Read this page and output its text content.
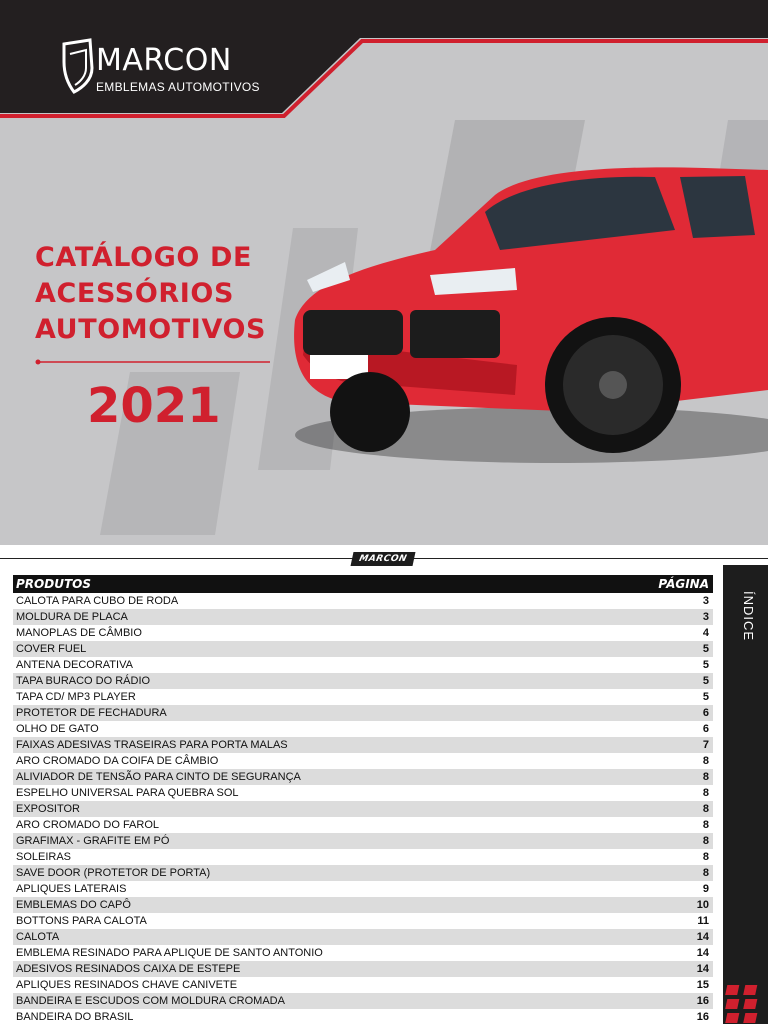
MARCON
EMBLEMAS AUTOMOTIVOS
CATÁLOGO DE
ACESSÓRIOS
AUTOMOTIVOS
2021
MARCON
ÍNDICE
PRODUTOS	PÁGINA
CALOTA PARA CUBO DE RODA	3
MOLDURA DE PLACA	3
MANOPLAS DE CÂMBIO	4
COVER FUEL	5
ANTENA DECORATIVA	5
TAPA BURACO DO RÁDIO	5
TAPA CD/ MP3 PLAYER	5
PROTETOR DE FECHADURA	6
OLHO DE GATO	6
FAIXAS ADESIVAS TRASEIRAS PARA PORTA MALAS	7
ARO CROMADO DA COIFA DE CÂMBIO	8
ALIVIADOR DE TENSÃO PARA CINTO DE SEGURANÇA	8
ESPELHO UNIVERSAL PARA QUEBRA SOL	8
EXPOSITOR	8
ARO CROMADO DO FAROL	8
GRAFIMAX - GRAFITE EM PÓ	8
SOLEIRAS	8
SAVE DOOR (PROTETOR DE PORTA)	8
APLIQUES LATERAIS	9
EMBLEMAS DO CAPÔ	10
BOTTONS PARA CALOTA	11
CALOTA	14
EMBLEMA RESINADO PARA APLIQUE DE SANTO ANTONIO	14
ADESIVOS RESINADOS CAIXA DE ESTEPE	14
APLIQUES RESINADOS CHAVE CANIVETE	15
BANDEIRA E ESCUDOS COM MOLDURA CROMADA	16
BANDEIRA DO BRASIL	16
